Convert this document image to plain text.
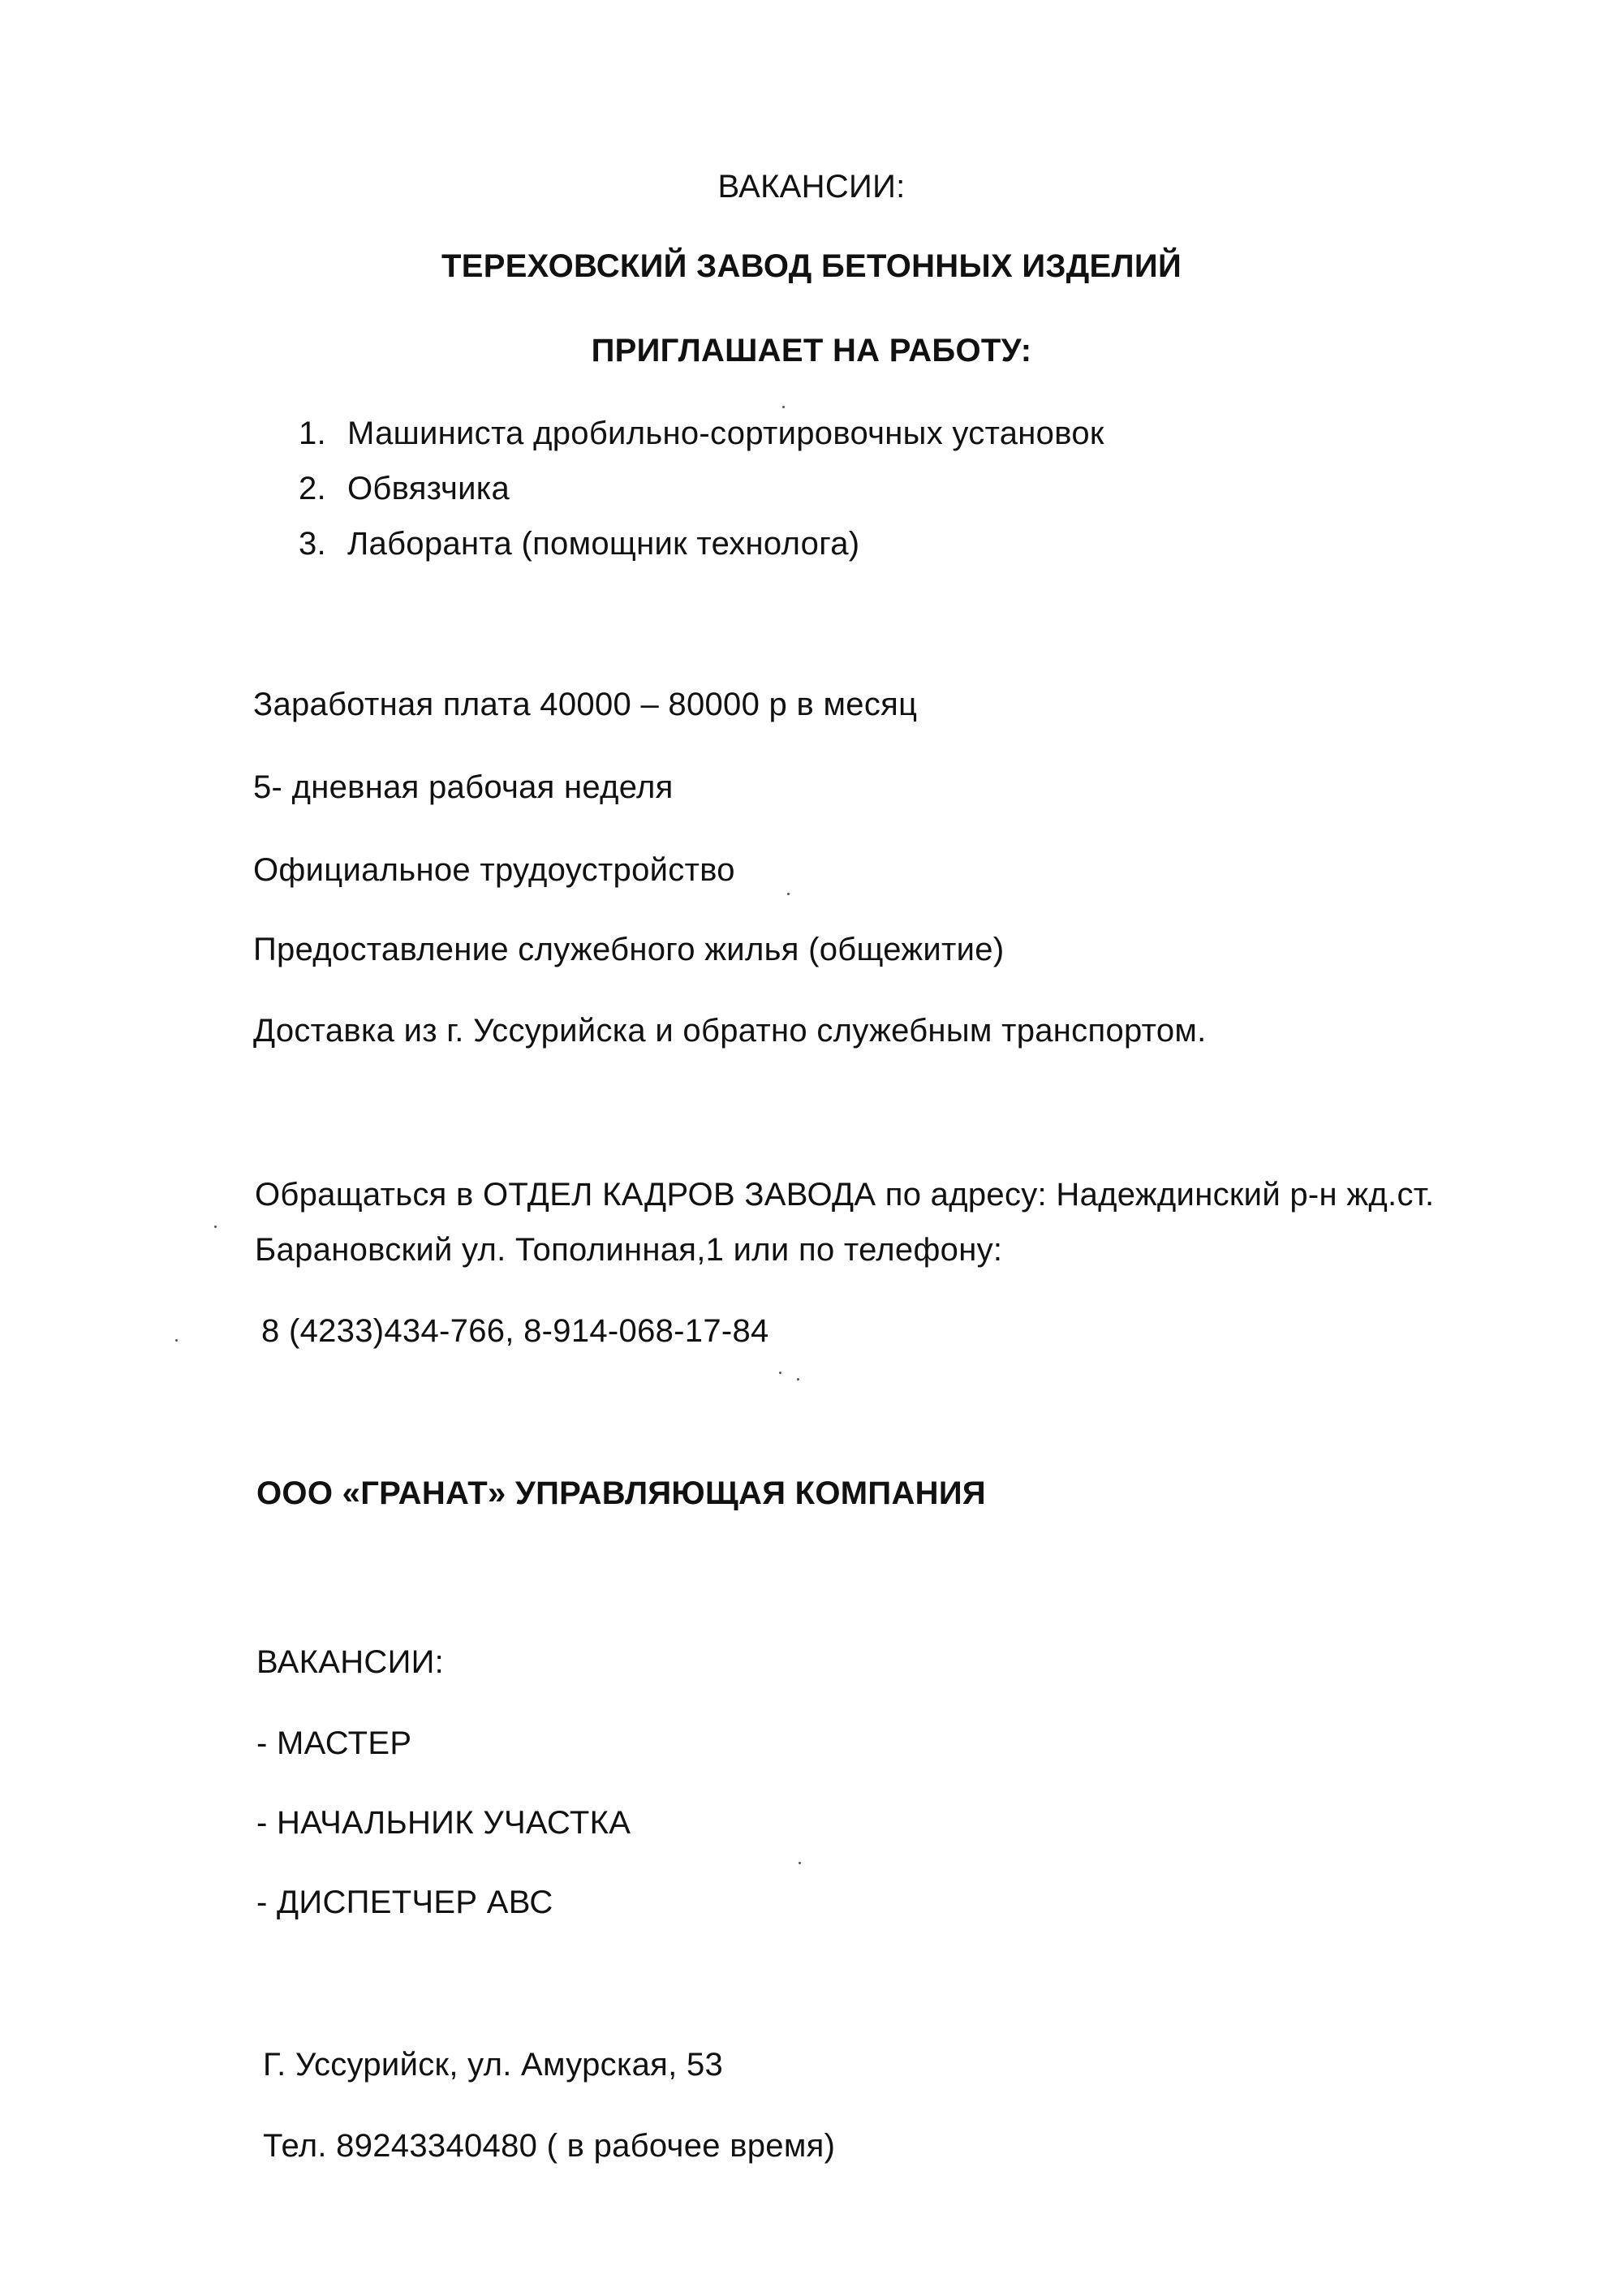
ВАКАНСИИ:
ТЕРЕХОВСКИЙ ЗАВОД БЕТОННЫХ ИЗДЕЛИЙ
ПРИГЛАШАЕТ НА РАБОТУ:
1. Машиниста дробильно-сортировочных установок
2. Обвязчика
3. Лаборанта (помощник технолога)
Заработная плата 40000 – 80000 р в месяц
5- дневная рабочая неделя
Официальное трудоустройство
Предоставление служебного жилья (общежитие)
Доставка из г. Уссурийска и обратно служебным транспортом.
Обращаться в ОТДЕЛ КАДРОВ ЗАВОДА по адресу: Надеждинский р-н жд.ст.
Барановский ул. Тополинная,1 или по телефону:
8 (4233)434-766, 8-914-068-17-84
ООО «ГРАНАТ» УПРАВЛЯЮЩАЯ КОМПАНИЯ
ВАКАНСИИ:
- МАСТЕР
- НАЧАЛЬНИК УЧАСТКА
- ДИСПЕТЧЕР АВС
Г. Уссурийск, ул. Амурская, 53
Тел. 89243340480 ( в рабочее время)
